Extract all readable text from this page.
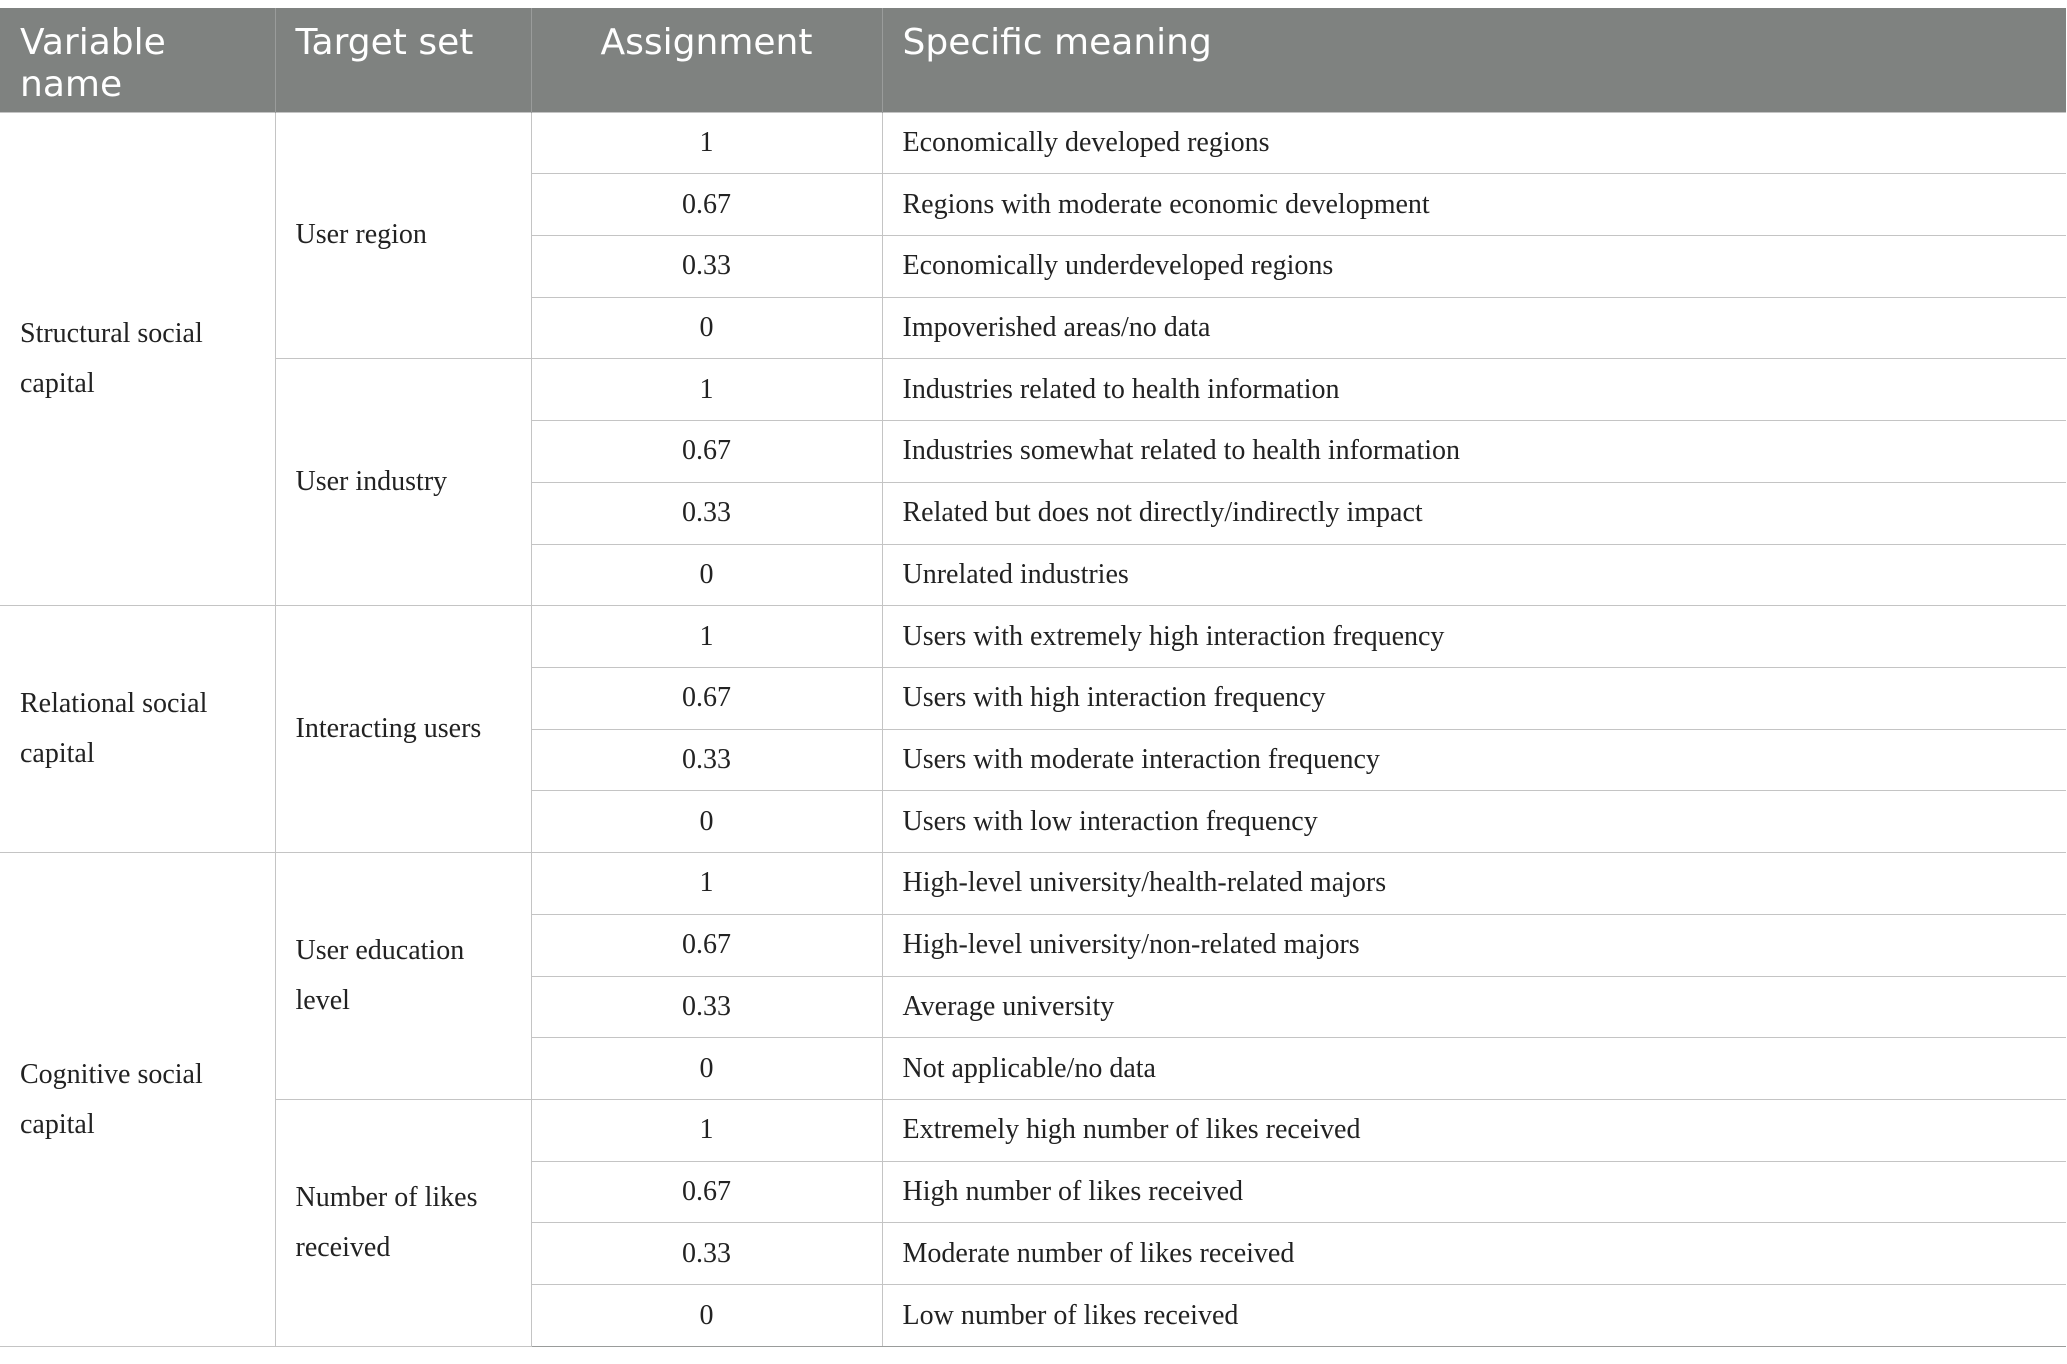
Variable name	Target set	Assignment	Specific meaning
Structural social capital	User region	1	Economically developed regions
		0.67	Regions with moderate economic development
		0.33	Economically underdeveloped regions
		0	Impoverished areas/no data
	User industry	1	Industries related to health information
		0.67	Industries somewhat related to health information
		0.33	Related but does not directly/indirectly impact
		0	Unrelated industries
Relational social capital	Interacting users	1	Users with extremely high interaction frequency
		0.67	Users with high interaction frequency
		0.33	Users with moderate interaction frequency
		0	Users with low interaction frequency
Cognitive social capital	User education level	1	High-level university/health-related majors
		0.67	High-level university/non-related majors
		0.33	Average university
		0	Not applicable/no data
	Number of likes received	1	Extremely high number of likes received
		0.67	High number of likes received
		0.33	Moderate number of likes received
		0	Low number of likes received
